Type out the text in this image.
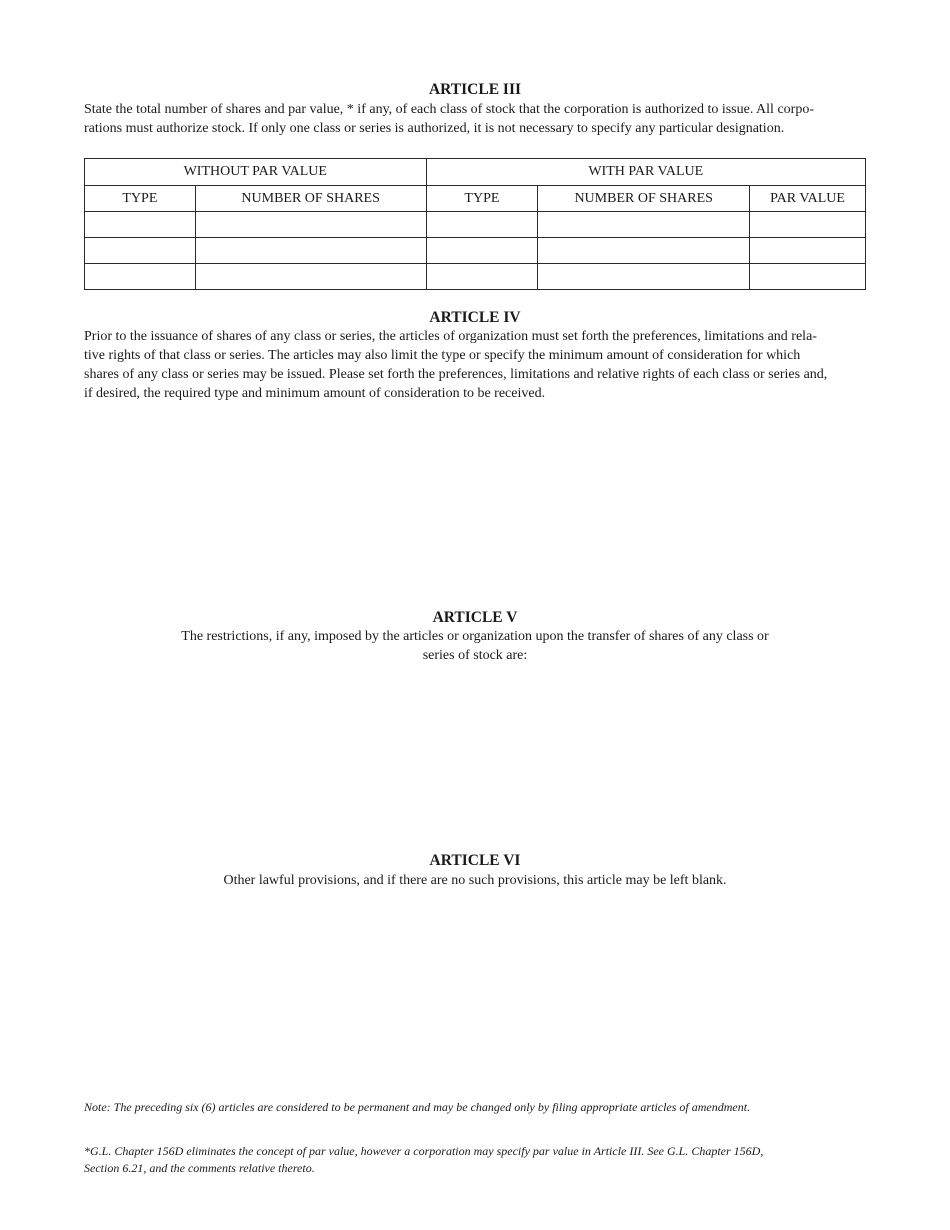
ARTICLE III
State the total number of shares and par value, * if any, of each class of stock that the corporation is authorized to issue. All corpo-
rations must authorize stock. If only one class or series is authorized, it is not necessary to specify any particular designation.
WITHOUT PAR VALUE		WITH PAR VALUE		
TYPE	NUMBER OF SHARES	TYPE	NUMBER OF SHARES	PAR VALUE

ARTICLE IV
Prior to the issuance of shares of any class or series, the articles of organization must set forth the preferences, limitations and rela-
tive rights of that class or series. The articles may also limit the type or specify the minimum amount of consideration for which
shares of any class or series may be issued. Please set forth the preferences, limitations and relative rights of each class or series and,
if desired, the required type and minimum amount of consideration to be received.
ARTICLE V
The restrictions, if any, imposed by the articles or organization upon the transfer of shares of any class or
series of stock are:
ARTICLE VI
Other lawful provisions, and if there are no such provisions, this article may be left blank.
Note: The preceding six (6) articles are considered to be permanent and may be changed only by filing appropriate articles of amendment.
*G.L. Chapter 156D eliminates the concept of par value, however a corporation may specify par value in Article III. See G.L. Chapter 156D,
Section 6.21, and the comments relative thereto.
